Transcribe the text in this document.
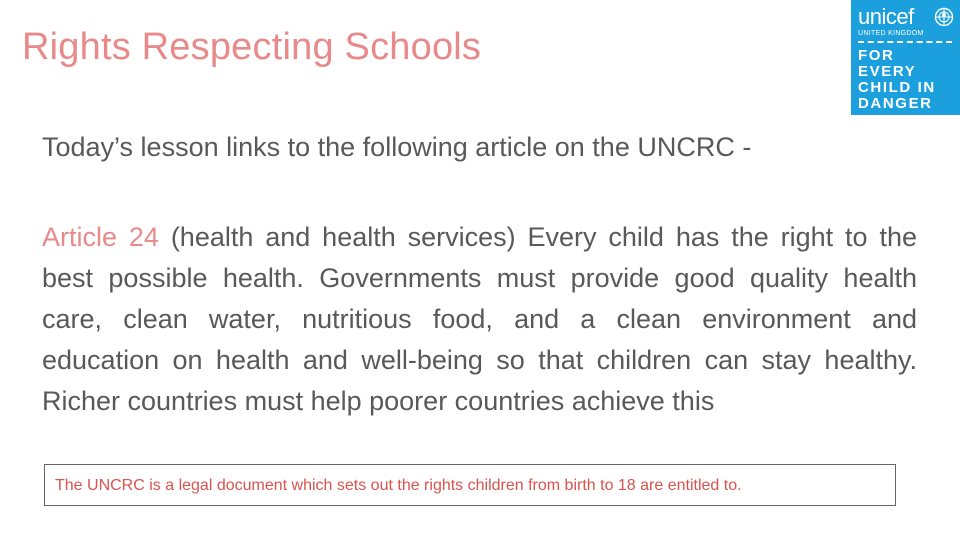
Rights Respecting Schools
unicef
UNITED KINGDOM
FOR EVERY
CHILD IN
DANGER
Today’s lesson links to the following article on the UNCRC -
Article 24 (health and health services) Every child has the right to the best possible health. Governments must provide good quality health care, clean water, nutritious food, and a clean environment and education on health and well-being so that children can stay healthy. Richer countries must help poorer countries achieve this
The UNCRC is a legal document which sets out the rights children from birth to 18 are entitled to.
